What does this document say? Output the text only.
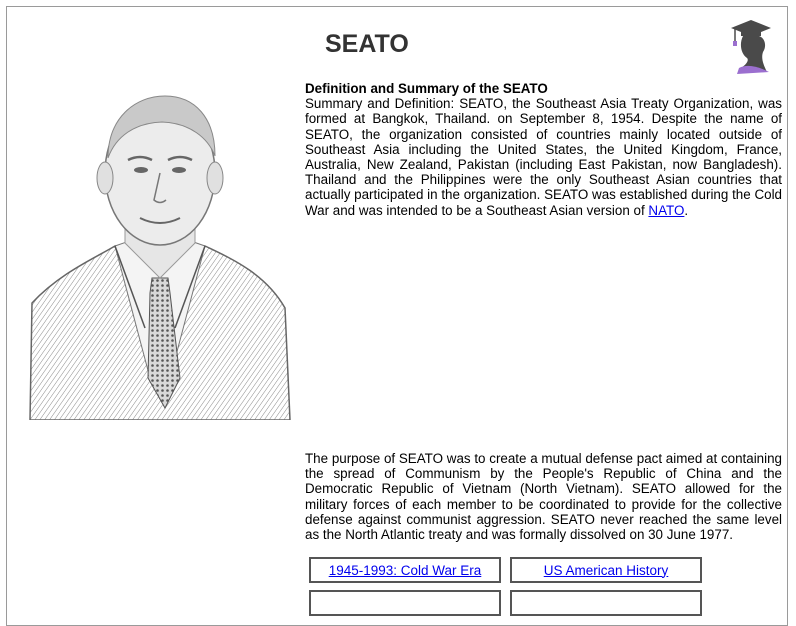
SEATO
Definition and Summary of the SEATO
Summary and Definition: SEATO, the Southeast Asia Treaty Organization, was formed at Bangkok, Thailand. on September 8, 1954. Despite the name of SEATO, the organization consisted of countries mainly located outside of Southeast Asia including the United States, the United Kingdom, France, Australia, New Zealand, Pakistan (including East Pakistan, now Bangladesh). Thailand and the Philippines were the only Southeast Asian countries that actually participated in the organization. SEATO was established during the Cold War and was intended to be a Southeast Asian version of NATO.
The purpose of SEATO was to create a mutual defense pact aimed at containing the spread of Communism by the People's Republic of China and the Democratic Republic of Vietnam (North Vietnam). SEATO allowed for the military forces of each member to be coordinated to provide for the collective defense against communist aggression. SEATO never reached the same level as the North Atlantic treaty and was formally dissolved on 30 June 1977.
1945-1993: Cold War Era	US American History
